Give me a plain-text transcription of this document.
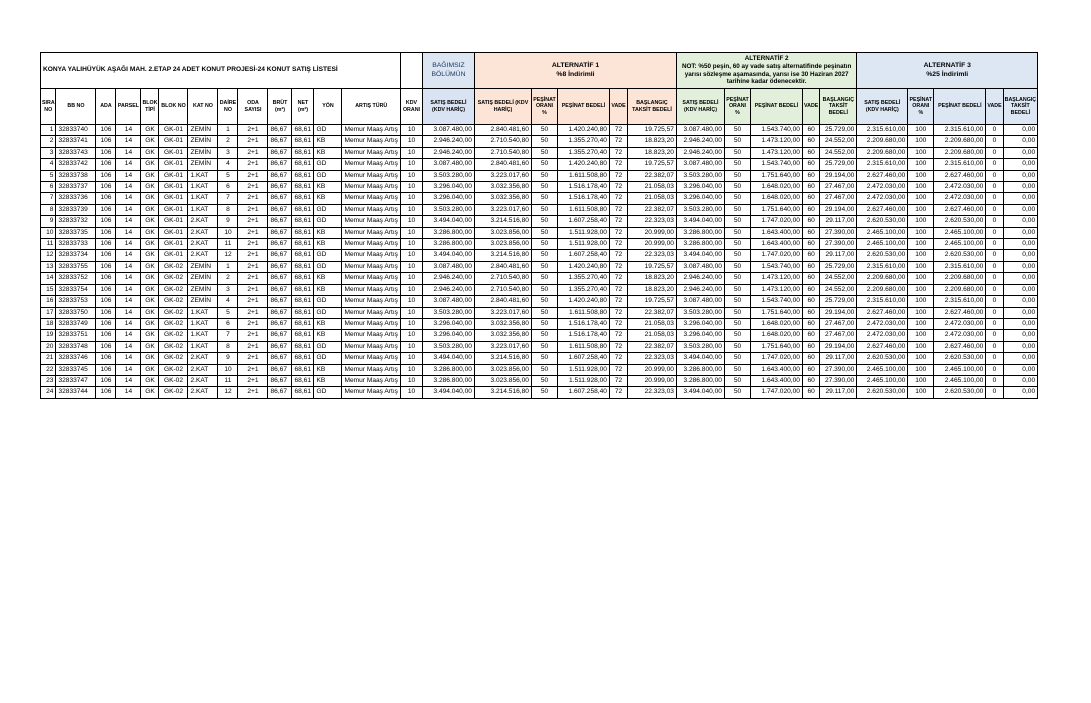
KONYA YALIHÜYÜK AŞAĞI MAH. 2.ETAP 24 ADET KONUT PROJESİ-24 KONUT SATIŞ LİSTESİ														BAĞIMSIZ BÖLÜMÜN	ALTERNATİF 1
%8 İndirimli					ALTERNATİF 2
NOT: %50 peşin, 60 ay vade satış alternatifinde peşinatın yarısı sözleşme aşamasında, yarısı ise 30 Haziran 2027 tarihine kadar ödenecektir.					ALTERNATİF 3
%25 İndirimli				
SIRA NO	BB NO	ADA	PARSEL	BLOK TİPİ	BLOK NO	KAT NO	DAİRE NO	ODA SAYISI	BRÜT (m²)	NET (m²)	YÖN	ARTIŞ TÜRÜ	KDV ORANI	SATIŞ BEDELİ (KDV HARİÇ)	SATIŞ BEDELİ (KDV HARİÇ)	PEŞİNAT ORANI %	PEŞİNAT BEDELİ	VADE	BAŞLANGIÇ TAKSİT BEDELİ	SATIŞ BEDELİ (KDV HARİÇ)	PEŞİNAT ORANI %	PEŞİNAT BEDELİ	VADE	BAŞLANGIÇ TAKSİT BEDELİ	SATIŞ BEDELİ (KDV HARİÇ)	PEŞİNAT ORANI %	PEŞİNAT BEDELİ	VADE	BAŞLANGIÇ TAKSİT BEDELİ
1	32833740	106	14	GK	GK-01	ZEMİN	1	2+1	86,67	68,61	GD	Memur Maaş Artış	10	3.087.480,00	2.840.481,60	50	1.420.240,80	72	19.725,57	3.087.480,00	50	1.543.740,00	60	25.729,00	2.315.610,00	100	2.315.610,00	0	0,00
2	32833741	106	14	GK	GK-01	ZEMİN	2	2+1	86,67	68,61	KB	Memur Maaş Artış	10	2.946.240,00	2.710.540,80	50	1.355.270,40	72	18.823,20	2.946.240,00	50	1.473.120,00	60	24.552,00	2.209.680,00	100	2.209.680,00	0	0,00
3	32833743	106	14	GK	GK-01	ZEMİN	3	2+1	86,67	68,61	KB	Memur Maaş Artış	10	2.946.240,00	2.710.540,80	50	1.355.270,40	72	18.823,20	2.946.240,00	50	1.473.120,00	60	24.552,00	2.209.680,00	100	2.209.680,00	0	0,00
4	32833742	106	14	GK	GK-01	ZEMİN	4	2+1	86,67	68,61	GD	Memur Maaş Artış	10	3.087.480,00	2.840.481,60	50	1.420.240,80	72	19.725,57	3.087.480,00	50	1.543.740,00	60	25.729,00	2.315.610,00	100	2.315.610,00	0	0,00
5	32833738	106	14	GK	GK-01	1.KAT	5	2+1	86,67	68,61	GD	Memur Maaş Artış	10	3.503.280,00	3.223.017,60	50	1.611.508,80	72	22.382,07	3.503.280,00	50	1.751.640,00	60	29.194,00	2.627.460,00	100	2.627.460,00	0	0,00
6	32833737	106	14	GK	GK-01	1.KAT	6	2+1	86,67	68,61	KB	Memur Maaş Artış	10	3.296.040,00	3.032.356,80	50	1.516.178,40	72	21.058,03	3.296.040,00	50	1.648.020,00	60	27.467,00	2.472.030,00	100	2.472.030,00	0	0,00
7	32833736	106	14	GK	GK-01	1.KAT	7	2+1	86,67	68,61	KB	Memur Maaş Artış	10	3.296.040,00	3.032.356,80	50	1.516.178,40	72	21.058,03	3.296.040,00	50	1.648.020,00	60	27.467,00	2.472.030,00	100	2.472.030,00	0	0,00
8	32833739	106	14	GK	GK-01	1.KAT	8	2+1	86,67	68,61	GD	Memur Maaş Artış	10	3.503.280,00	3.223.017,60	50	1.611.508,80	72	22.382,07	3.503.280,00	50	1.751.640,00	60	29.194,00	2.627.460,00	100	2.627.460,00	0	0,00
9	32833732	106	14	GK	GK-01	2.KAT	9	2+1	86,67	68,61	GD	Memur Maaş Artış	10	3.494.040,00	3.214.516,80	50	1.607.258,40	72	22.323,03	3.494.040,00	50	1.747.020,00	60	29.117,00	2.620.530,00	100	2.620.530,00	0	0,00
10	32833735	106	14	GK	GK-01	2.KAT	10	2+1	86,67	68,61	KB	Memur Maaş Artış	10	3.286.800,00	3.023.856,00	50	1.511.928,00	72	20.999,00	3.286.800,00	50	1.643.400,00	60	27.390,00	2.465.100,00	100	2.465.100,00	0	0,00
11	32833733	106	14	GK	GK-01	2.KAT	11	2+1	86,67	68,61	KB	Memur Maaş Artış	10	3.286.800,00	3.023.856,00	50	1.511.928,00	72	20.999,00	3.286.800,00	50	1.643.400,00	60	27.390,00	2.465.100,00	100	2.465.100,00	0	0,00
12	32833734	106	14	GK	GK-01	2.KAT	12	2+1	86,67	68,61	GD	Memur Maaş Artış	10	3.494.040,00	3.214.516,80	50	1.607.258,40	72	22.323,03	3.494.040,00	50	1.747.020,00	60	29.117,00	2.620.530,00	100	2.620.530,00	0	0,00
13	32833755	106	14	GK	GK-02	ZEMİN	1	2+1	86,67	68,61	GD	Memur Maaş Artış	10	3.087.480,00	2.840.481,60	50	1.420.240,80	72	19.725,57	3.087.480,00	50	1.543.740,00	60	25.729,00	2.315.610,00	100	2.315.610,00	0	0,00
14	32833752	106	14	GK	GK-02	ZEMİN	2	2+1	86,67	68,61	KB	Memur Maaş Artış	10	2.946.240,00	2.710.540,80	50	1.355.270,40	72	18.823,20	2.946.240,00	50	1.473.120,00	60	24.552,00	2.209.680,00	100	2.209.680,00	0	0,00
15	32833754	106	14	GK	GK-02	ZEMİN	3	2+1	86,67	68,61	KB	Memur Maaş Artış	10	2.946.240,00	2.710.540,80	50	1.355.270,40	72	18.823,20	2.946.240,00	50	1.473.120,00	60	24.552,00	2.209.680,00	100	2.209.680,00	0	0,00
16	32833753	106	14	GK	GK-02	ZEMİN	4	2+1	86,67	68,61	GD	Memur Maaş Artış	10	3.087.480,00	2.840.481,60	50	1.420.240,80	72	19.725,57	3.087.480,00	50	1.543.740,00	60	25.729,00	2.315.610,00	100	2.315.610,00	0	0,00
17	32833750	106	14	GK	GK-02	1.KAT	5	2+1	86,67	68,61	GD	Memur Maaş Artış	10	3.503.280,00	3.223.017,60	50	1.611.508,80	72	22.382,07	3.503.280,00	50	1.751.640,00	60	29.194,00	2.627.460,00	100	2.627.460,00	0	0,00
18	32833749	106	14	GK	GK-02	1.KAT	6	2+1	86,67	68,61	KB	Memur Maaş Artış	10	3.296.040,00	3.032.356,80	50	1.516.178,40	72	21.058,03	3.296.040,00	50	1.648.020,00	60	27.467,00	2.472.030,00	100	2.472.030,00	0	0,00
19	32833751	106	14	GK	GK-02	1.KAT	7	2+1	86,67	68,61	KB	Memur Maaş Artış	10	3.296.040,00	3.032.356,80	50	1.516.178,40	72	21.058,03	3.296.040,00	50	1.648.020,00	60	27.467,00	2.472.030,00	100	2.472.030,00	0	0,00
20	32833748	106	14	GK	GK-02	1.KAT	8	2+1	86,67	68,61	GD	Memur Maaş Artış	10	3.503.280,00	3.223.017,60	50	1.611.508,80	72	22.382,07	3.503.280,00	50	1.751.640,00	60	29.194,00	2.627.460,00	100	2.627.460,00	0	0,00
21	32833746	106	14	GK	GK-02	2.KAT	9	2+1	86,67	68,61	GD	Memur Maaş Artış	10	3.494.040,00	3.214.516,80	50	1.607.258,40	72	22.323,03	3.494.040,00	50	1.747.020,00	60	29.117,00	2.620.530,00	100	2.620.530,00	0	0,00
22	32833745	106	14	GK	GK-02	2.KAT	10	2+1	86,67	68,61	KB	Memur Maaş Artış	10	3.286.800,00	3.023.856,00	50	1.511.928,00	72	20.999,00	3.286.800,00	50	1.643.400,00	60	27.390,00	2.465.100,00	100	2.465.100,00	0	0,00
23	32833747	106	14	GK	GK-02	2.KAT	11	2+1	86,67	68,61	KB	Memur Maaş Artış	10	3.286.800,00	3.023.856,00	50	1.511.928,00	72	20.999,00	3.286.800,00	50	1.643.400,00	60	27.390,00	2.465.100,00	100	2.465.100,00	0	0,00
24	32833744	106	14	GK	GK-02	2.KAT	12	2+1	86,67	68,61	GD	Memur Maaş Artış	10	3.494.040,00	3.214.516,80	50	1.607.258,40	72	22.323,03	3.494.040,00	50	1.747.020,00	60	29.117,00	2.620.530,00	100	2.620.530,00	0	0,00
